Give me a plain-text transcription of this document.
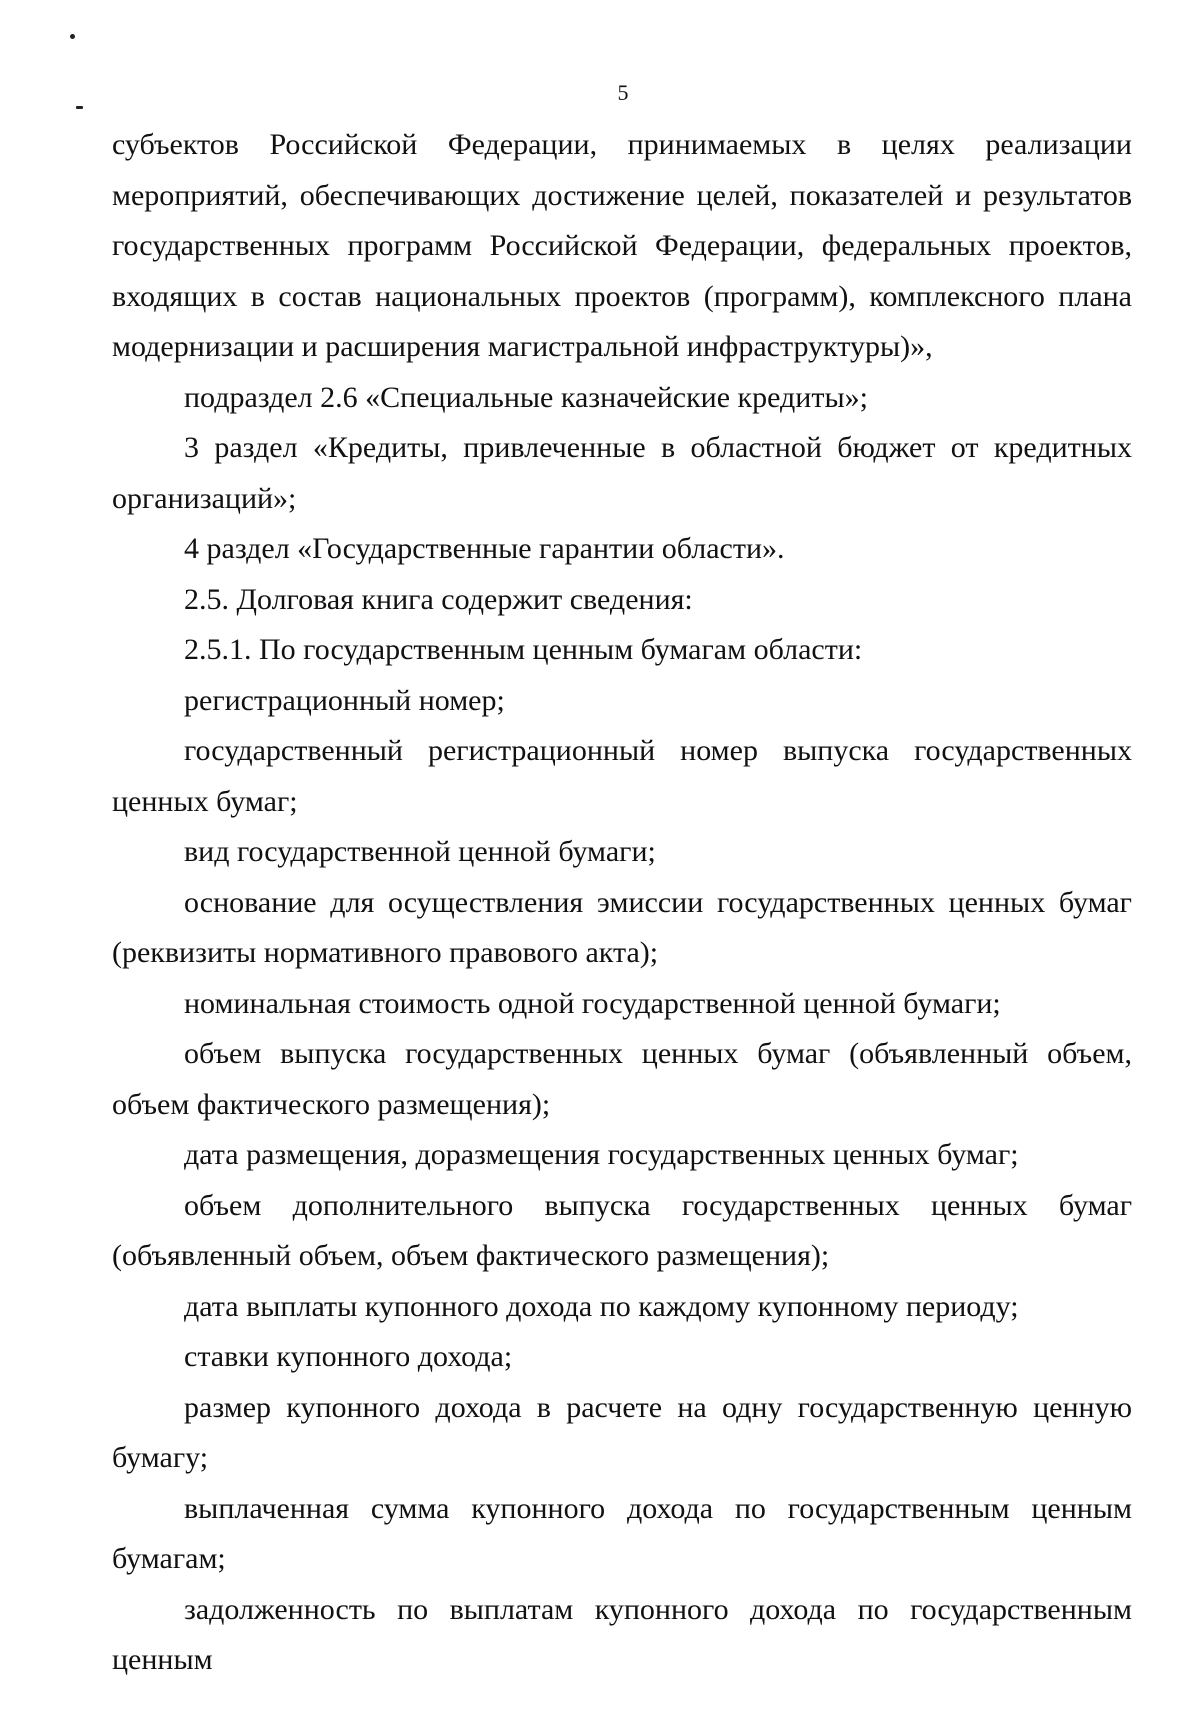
5

субъектов Российской Федерации, принимаемых в целях реализации мероприятий, обеспечивающих достижение целей, показателей и результатов государственных программ Российской Федерации, федеральных проектов, входящих в состав национальных проектов (программ), комплексного плана модернизации и расширения магистральной инфраструктуры)»,

подраздел 2.6 «Специальные казначейские кредиты»;

3 раздел «Кредиты, привлеченные в областной бюджет от кредитных организаций»;

4 раздел «Государственные гарантии области».

2.5. Долговая книга содержит сведения:

2.5.1. По государственным ценным бумагам области:

регистрационный номер;

государственный регистрационный номер выпуска государственных ценных бумаг;

вид государственной ценной бумаги;

основание для осуществления эмиссии государственных ценных бумаг (реквизиты нормативного правового акта);

номинальная стоимость одной государственной ценной бумаги;

объем выпуска государственных ценных бумаг (объявленный объем, объем фактического размещения);

дата размещения, доразмещения государственных ценных бумаг;

объем дополнительного выпуска государственных ценных бумаг (объявленный объем, объем фактического размещения);

дата выплаты купонного дохода по каждому купонному периоду;

ставки купонного дохода;

размер купонного дохода в расчете на одну государственную ценную бумагу;

выплаченная сумма купонного дохода по государственным ценным бумагам;

задолженность по выплатам купонного дохода по государственным ценным
